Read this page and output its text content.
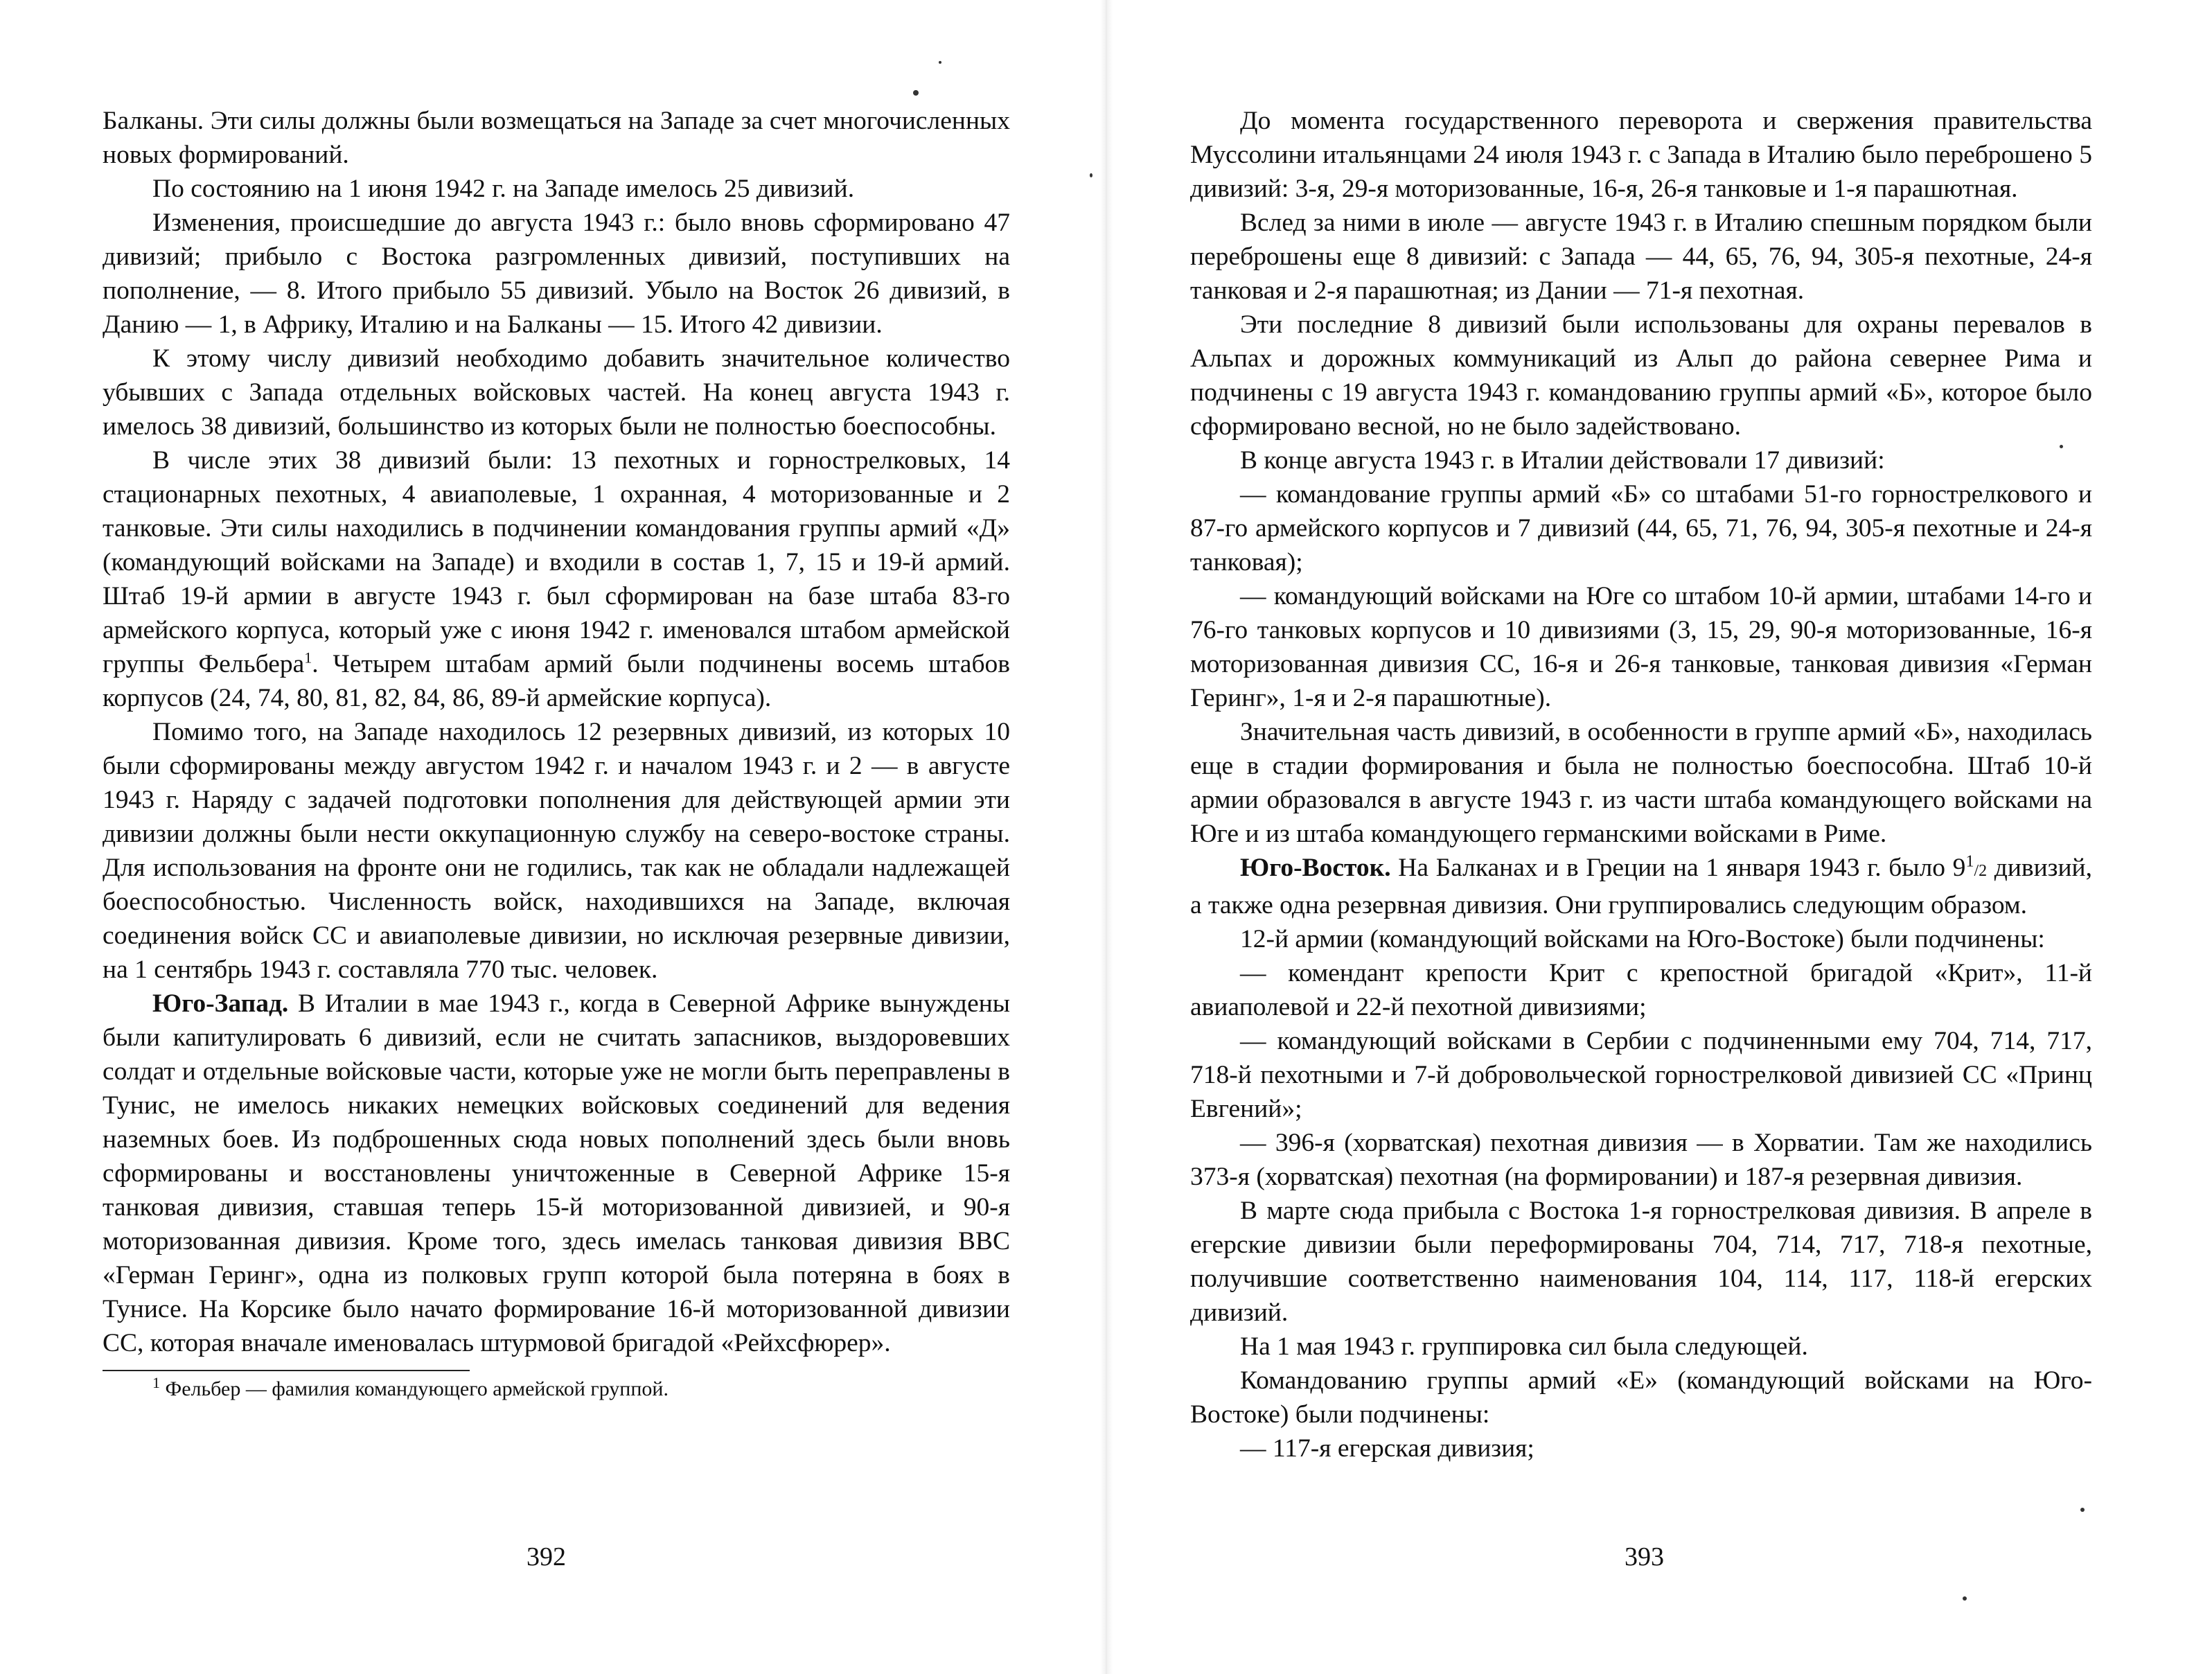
Балканы. Эти силы должны были возмещаться на Западе за счет многочисленных новых формирований.

По состоянию на 1 июня 1942 г. на Западе имелось 25 дивизий.

Изменения, происшедшие до августа 1943 г.: было вновь сформировано 47 дивизий; прибыло с Востока разгромленных дивизий, поступивших на пополнение, — 8. Итого прибыло 55 дивизий. Убыло на Восток 26 дивизий, в Данию — 1, в Африку, Италию и на Балканы — 15. Итого 42 дивизии.

К этому числу дивизий необходимо добавить значительное количество убывших с Запада отдельных войсковых частей. На конец августа 1943 г. имелось 38 дивизий, большинство из которых были не полностью боеспособны.

В числе этих 38 дивизий были: 13 пехотных и горнострелковых, 14 стационарных пехотных, 4 авиаполевые, 1 охранная, 4 моторизованные и 2 танковые. Эти силы находились в подчинении командования группы армий «Д» (командующий войсками на Западе) и входили в состав 1, 7, 15 и 19-й армий. Штаб 19-й армии в августе 1943 г. был сформирован на базе штаба 83-го армейского корпуса, который уже с июня 1942 г. именовался штабом армейской группы Фельбера$^1$. Четырем штабам армий были подчинены восемь штабов корпусов (24, 74, 80, 81, 82, 84, 86, 89-й армейские корпуса).

Помимо того, на Западе находилось 12 резервных дивизий, из которых 10 были сформированы между августом 1942 г. и началом 1943 г. и 2 — в августе 1943 г. Наряду с задачей подготовки пополнения для действующей армии эти дивизии должны были нести оккупационную службу на северо-востоке страны. Для использования на фронте они не годились, так как не обладали надлежащей боеспособностью. Численность войск, находившихся на Западе, включая соединения войск СС и авиаполевые дивизии, но исключая резервные дивизии, на 1 сентябрь 1943 г. составляла 770 тыс. человек.

Юго-Запад. В Италии в мае 1943 г., когда в Северной Африке вынуждены были капитулировать 6 дивизий, если не считать запасников, выздоровевших солдат и отдельные войсковые части, которые уже не могли быть переправлены в Тунис, не имелось никаких немецких войсковых соединений для ведения наземных боев. Из подброшенных сюда новых пополнений здесь были вновь сформированы и восстановлены уничтоженные в Северной Африке 15-я танковая дивизия, ставшая теперь 15-й моторизованной дивизией, и 90-я моторизованная дивизия. Кроме того, здесь имелась танковая дивизия ВВС «Герман Геринг», одна из полковых групп которой была потеряна в боях в Тунисе. На Корсике было начато формирование 16-й моторизованной дивизии СС, которая вначале именовалась штурмовой бригадой «Рейхсфюрер».

$^1$ Фельбер — фамилия командующего армейской группой.

392

До момента государственного переворота и свержения правительства Муссолини итальянцами 24 июля 1943 г. с Запада в Италию было переброшено 5 дивизий: 3-я, 29-я моторизованные, 16-я, 26-я танковые и 1-я парашютная.

Вслед за ними в июле — августе 1943 г. в Италию спешным порядком были переброшены еще 8 дивизий: с Запада — 44, 65, 76, 94, 305-я пехотные, 24-я танковая и 2-я парашютная; из Дании — 71-я пехотная.

Эти последние 8 дивизий были использованы для охраны перевалов в Альпах и дорожных коммуникаций из Альп до района севернее Рима и подчинены с 19 августа 1943 г. командованию группы армий «Б», которое было сформировано весной, но не было задействовано.

В конце августа 1943 г. в Италии действовали 17 дивизий:

— командование группы армий «Б» со штабами 51-го горнострелкового и 87-го армейского корпусов и 7 дивизий (44, 65, 71, 76, 94, 305-я пехотные и 24-я танковая);

— командующий войсками на Юге со штабом 10-й армии, штабами 14-го и 76-го танковых корпусов и 10 дивизиями (3, 15, 29, 90-я моторизованные, 16-я моторизованная дивизия СС, 16-я и 26-я танковые, танковая дивизия «Герман Геринг», 1-я и 2-я парашютные).

Значительная часть дивизий, в особенности в группе армий «Б», находилась еще в стадии формирования и была не полностью боеспособна. Штаб 10-й армии образовался в августе 1943 г. из части штаба командующего войсками на Юге и из штаба командующего германскими войсками в Риме.

Юго-Восток. На Балканах и в Греции на 1 января 1943 г. было $9^1/2$ дивизий, а также одна резервная дивизия. Они группировались следующим образом.

12-й армии (командующий войсками на Юго-Востоке) были подчинены:

— комендант крепости Крит с крепостной бригадой «Крит», 11-й авиаполевой и 22-й пехотной дивизиями;

— командующий войсками в Сербии с подчиненными ему 704, 714, 717, 718-й пехотными и 7-й добровольческой горнострелковой дивизией СС «Принц Евгений»;

— 396-я (хорватская) пехотная дивизия — в Хорватии. Там же находились 373-я (хорватская) пехотная (на формировании) и 187-я резервная дивизия.

В марте сюда прибыла с Востока 1-я горнострелковая дивизия. В апреле в егерские дивизии были переформированы 704, 714, 717, 718-я пехотные, получившие соответственно наименования 104, 114, 117, 118-й егерских дивизий.

На 1 мая 1943 г. группировка сил была следующей.

Командованию группы армий «Е» (командующий войсками на Юго-Востоке) были подчинены:

— 117-я егерская дивизия;

393
